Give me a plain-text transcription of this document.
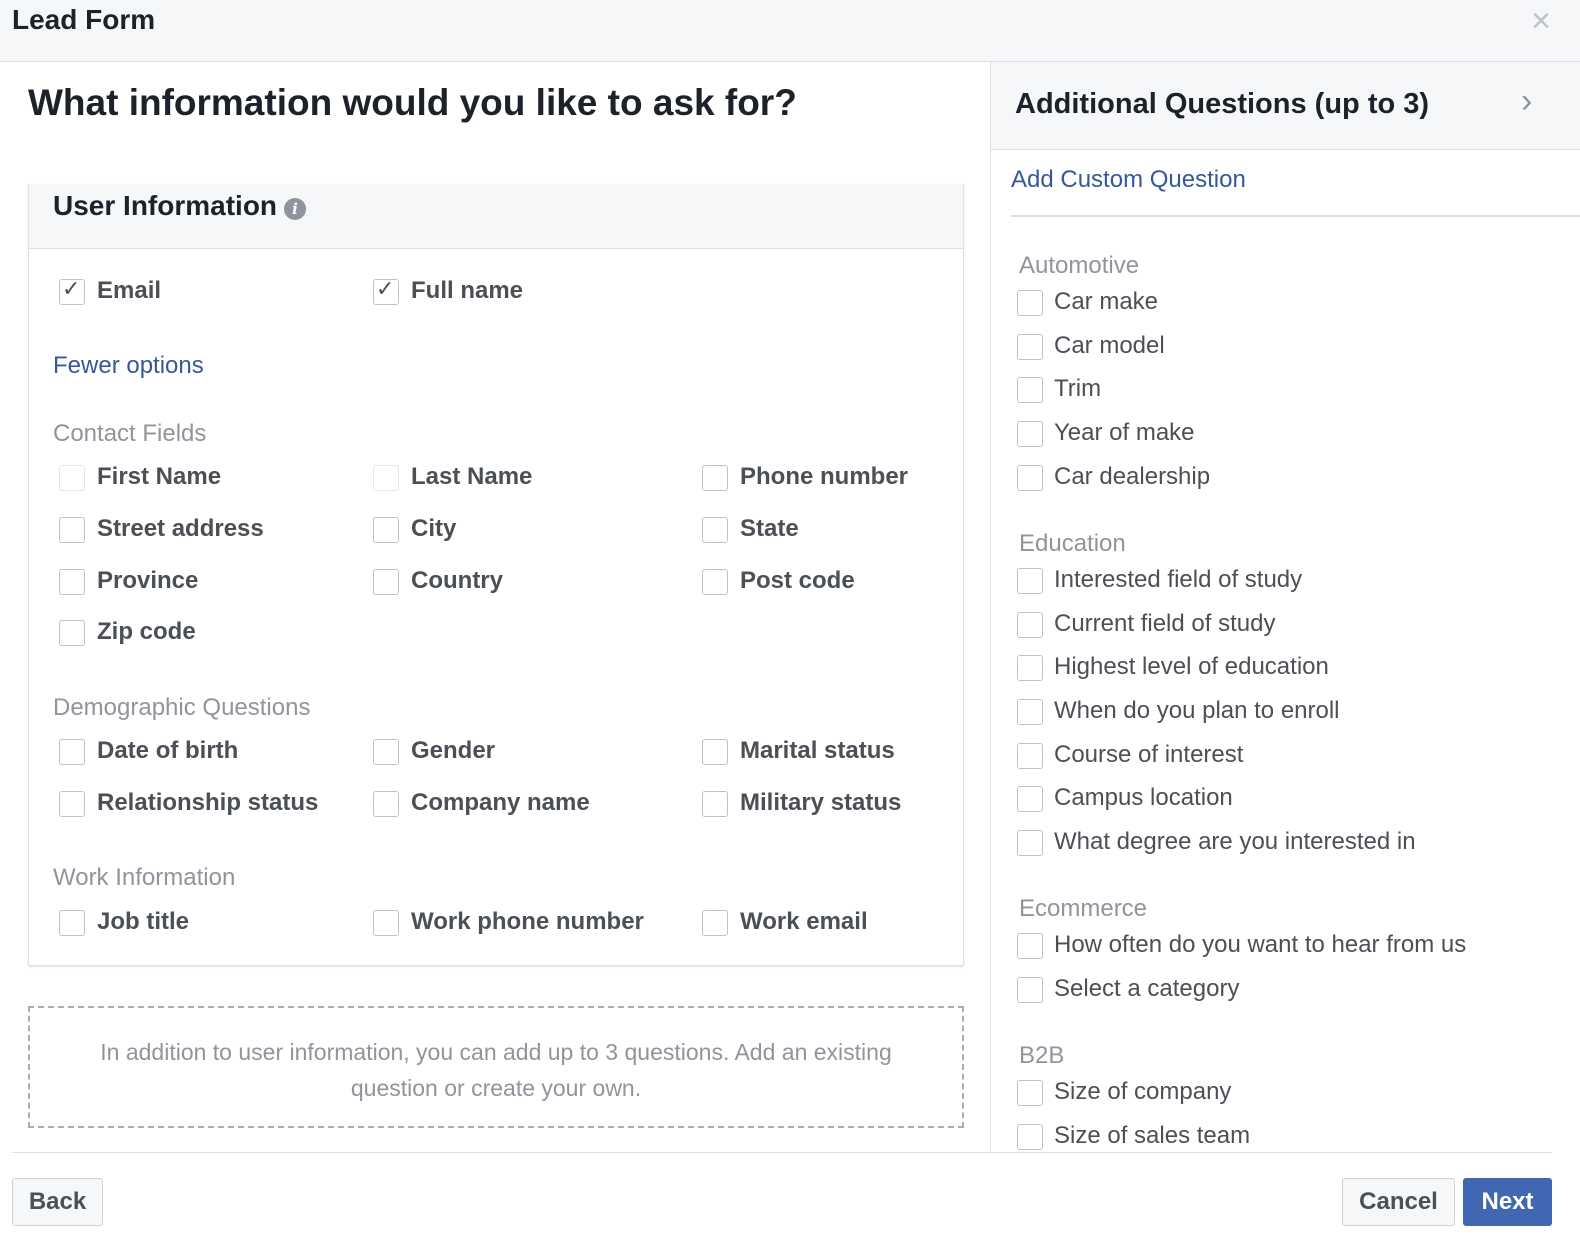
Lead Form	×
What information would you like to ask for?
User Information	i
✓ Email	✓ Full name
Fewer options
Contact Fields
First Name	Last Name	Phone number
Street address	City	State
Province	Country	Post code
Zip code
Demographic Questions
Date of birth	Gender	Marital status
Relationship status	Company name	Military status
Work Information
Job title	Work phone number	Work email
In addition to user information, you can add up to 3 questions. Add an existing question or create your own.
Additional Questions (up to 3)	›
Add Custom Question
Automotive
Car make
Car model
Trim
Year of make
Car dealership
Education
Interested field of study
Current field of study
Highest level of education
When do you plan to enroll
Course of interest
Campus location
What degree are you interested in
Ecommerce
How often do you want to hear from us
Select a category
B2B
Size of company
Size of sales team
Back	Cancel	Next
